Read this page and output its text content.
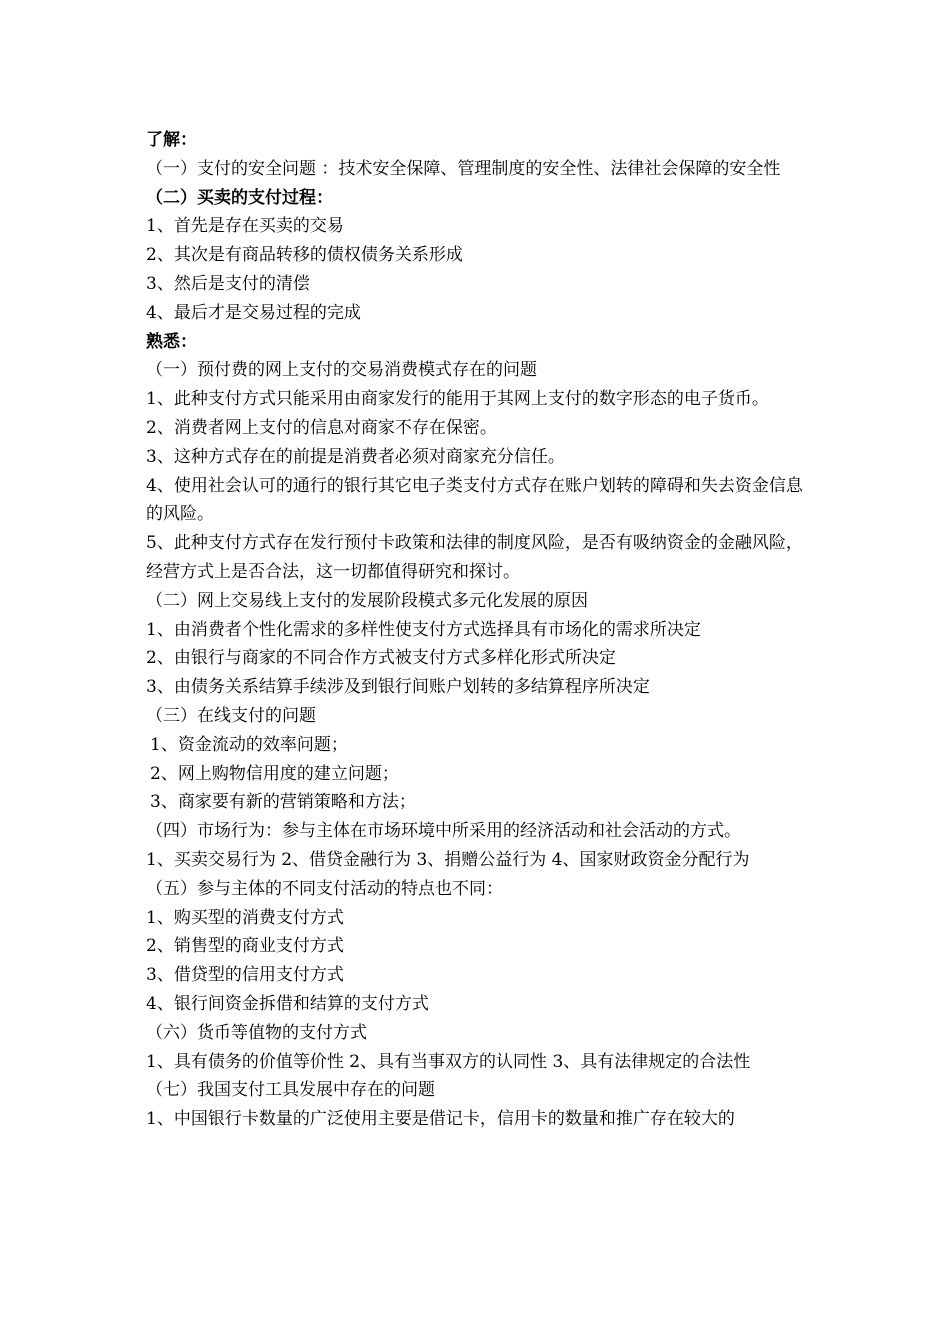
了解：
（一）支付的安全问题 ：技术安全保障、管理制度的安全性、法律社会保障的安全性
（二）买卖的支付过程：
1、首先是存在买卖的交易
2、其次是有商品转移的债权债务关系形成
3、然后是支付的清偿
4、最后才是交易过程的完成
熟悉：
（一）预付费的网上支付的交易消费模式存在的问题
1、此种支付方式只能采用由商家发行的能用于其网上支付的数字形态的电子货币。
2、消费者网上支付的信息对商家不存在保密。
3、这种方式存在的前提是消费者必须对商家充分信任。
4、使用社会认可的通行的银行其它电子类支付方式存在账户划转的障碍和失去资金信息的风险。
5、此种支付方式存在发行预付卡政策和法律的制度风险，是否有吸纳资金的金融风险，经营方式上是否合法，这一切都值得研究和探讨。
（二）网上交易线上支付的发展阶段模式多元化发展的原因
1、由消费者个性化需求的多样性使支付方式选择具有市场化的需求所决定
2、由银行与商家的不同合作方式被支付方式多样化形式所决定
3、由债务关系结算手续涉及到银行间账户划转的多结算程序所决定
（三）在线支付的问题
1、资金流动的效率问题；
2、网上购物信用度的建立问题；
3、商家要有新的营销策略和方法；
（四）市场行为：参与主体在市场环境中所采用的经济活动和社会活动的方式。
1、买卖交易行为 2、借贷金融行为 3、捐赠公益行为 4、国家财政资金分配行为
（五）参与主体的不同支付活动的特点也不同：
1、购买型的消费支付方式
2、销售型的商业支付方式
3、借贷型的信用支付方式
4、银行间资金拆借和结算的支付方式
（六）货币等值物的支付方式
1、具有债务的价值等价性 2、具有当事双方的认同性 3、具有法律规定的合法性
（七）我国支付工具发展中存在的问题
1、中国银行卡数量的广泛使用主要是借记卡，信用卡的数量和推广存在较大的
